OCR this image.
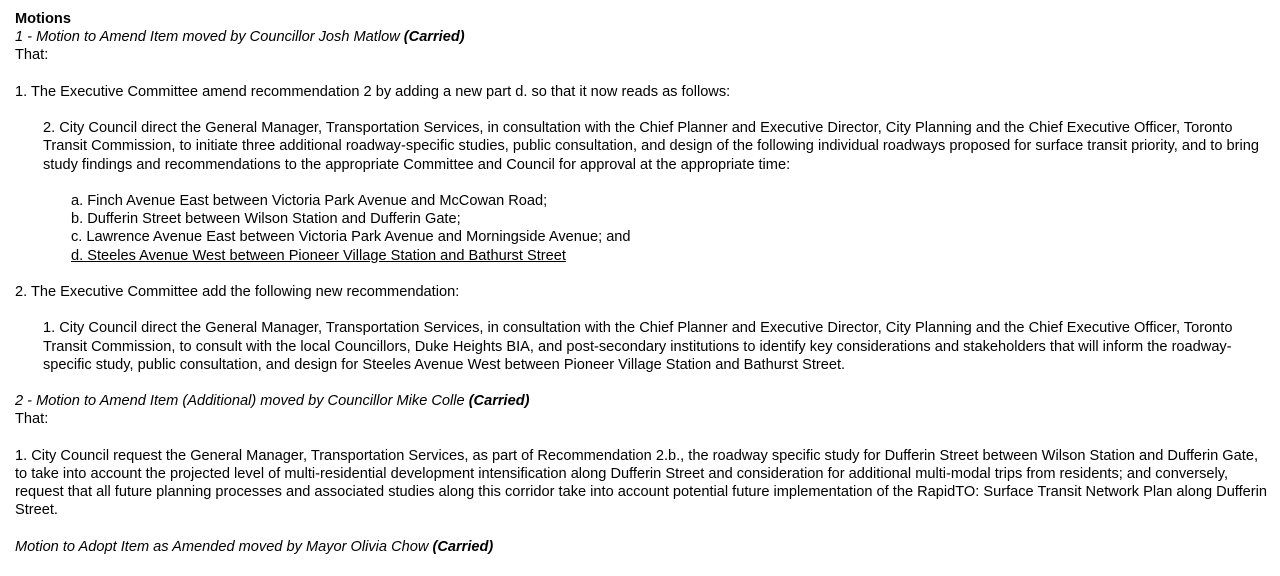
Motions

1 - Motion to Amend Item moved by Councillor Josh Matlow (Carried)

That:

1. The Executive Committee amend recommendation 2 by adding a new part d. so that it now reads as follows:

2. City Council direct the General Manager, Transportation Services, in consultation with the Chief Planner and Executive Director, City Planning and the Chief Executive Officer, Toronto Transit Commission, to initiate three additional roadway-specific studies, public consultation, and design of the following individual roadways proposed for surface transit priority, and to bring study findings and recommendations to the appropriate Committee and Council for approval at the appropriate time:

a. Finch Avenue East between Victoria Park Avenue and McCowan Road;

b. Dufferin Street between Wilson Station and Dufferin Gate;

c. Lawrence Avenue East between Victoria Park Avenue and Morningside Avenue; and

d. Steeles Avenue West between Pioneer Village Station and Bathurst Street

2. The Executive Committee add the following new recommendation:

1. City Council direct the General Manager, Transportation Services, in consultation with the Chief Planner and Executive Director, City Planning and the Chief Executive Officer, Toronto Transit Commission, to consult with the local Councillors, Duke Heights BIA, and post-secondary institutions to identify key considerations and stakeholders that will inform the roadway-specific study, public consultation, and design for Steeles Avenue West between Pioneer Village Station and Bathurst Street.

2 - Motion to Amend Item (Additional) moved by Councillor Mike Colle (Carried)

That:

1. City Council request the General Manager, Transportation Services, as part of Recommendation 2.b., the roadway specific study for Dufferin Street between Wilson Station and Dufferin Gate, to take into account the projected level of multi-residential development intensification along Dufferin Street and consideration for additional multi-modal trips from residents; and conversely, request that all future planning processes and associated studies along this corridor take into account potential future implementation of the RapidTO: Surface Transit Network Plan along Dufferin Street.

Motion to Adopt Item as Amended moved by Mayor Olivia Chow (Carried)
